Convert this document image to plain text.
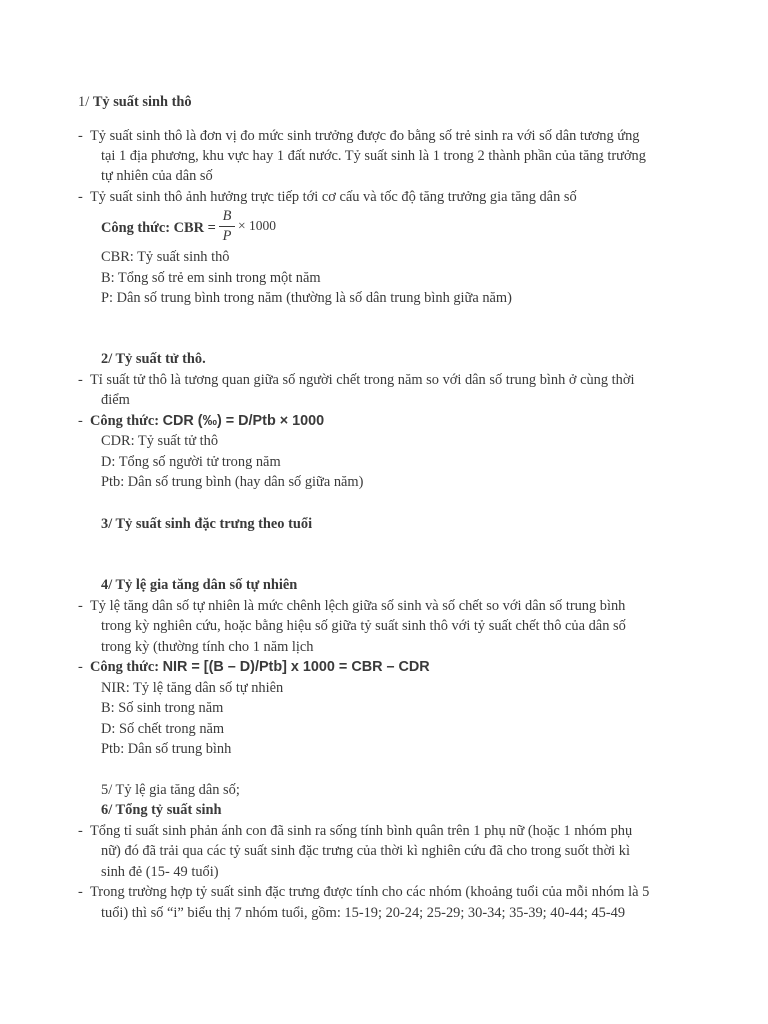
1/ Tỷ suất sinh thô
- Tỷ suất sinh thô là đơn vị đo mức sinh trưởng được đo bằng số trẻ sinh ra với số dân tương ứng
tại 1 địa phương, khu vực hay 1 đất nước. Tỷ suất sinh là 1 trong 2 thành phần của tăng trưởng
tự nhiên của dân số
- Tỷ suất sinh thô ảnh hưởng trực tiếp tới cơ cấu và tốc độ tăng trưởng gia tăng dân số
Công thức: CBR =
B
P
× 1000
CBR: Tỷ suất sinh thô
B: Tổng số trẻ em sinh trong một năm
P: Dân số trung bình trong năm (thường là số dân trung bình giữa năm)
2/ Tỷ suất tử thô.
- Tỉ suất tử thô là tương quan giữa số người chết trong năm so với dân số trung bình ở cùng thời
điểm
- Công thức: CDR (‰) = D/Ptb × 1000
CDR: Tỷ suất tử thô
D: Tổng số người tử trong năm
Ptb: Dân số trung bình (hay dân số giữa năm)
3/ Tỷ suất sinh đặc trưng theo tuổi
4/ Tỷ lệ gia tăng dân số tự nhiên
- Tỷ lệ tăng dân số tự nhiên là mức chênh lệch giữa số sinh và số chết so với dân số trung bình
trong kỳ nghiên cứu, hoặc bằng hiệu số giữa tỷ suất sinh thô với tỷ suất chết thô của dân số
trong kỳ (thường tính cho 1 năm lịch
- Công thức: NIR = [(B – D)/Ptb] x 1000 = CBR – CDR
NIR: Tỷ lệ tăng dân số tự nhiên
B: Số sinh trong năm
D: Số chết trong năm
Ptb: Dân số trung bình
5/ Tỷ lệ gia tăng dân số;
6/ Tổng tỷ suất sinh
- Tổng tỉ suất sinh phản ánh con đã sinh ra sống tính bình quân trên 1 phụ nữ (hoặc 1 nhóm phụ
nữ) đó đã trải qua các tỷ suất sinh đặc trưng của thời kì nghiên cứu đã cho trong suốt thời kì
sinh đẻ (15- 49 tuổi)
- Trong trường hợp tỷ suất sinh đặc trưng được tính cho các nhóm (khoảng tuổi của mỗi nhóm là 5
tuổi) thì số “i” biểu thị 7 nhóm tuổi, gồm: 15-19; 20-24; 25-29; 30-34; 35-39; 40-44; 45-49
